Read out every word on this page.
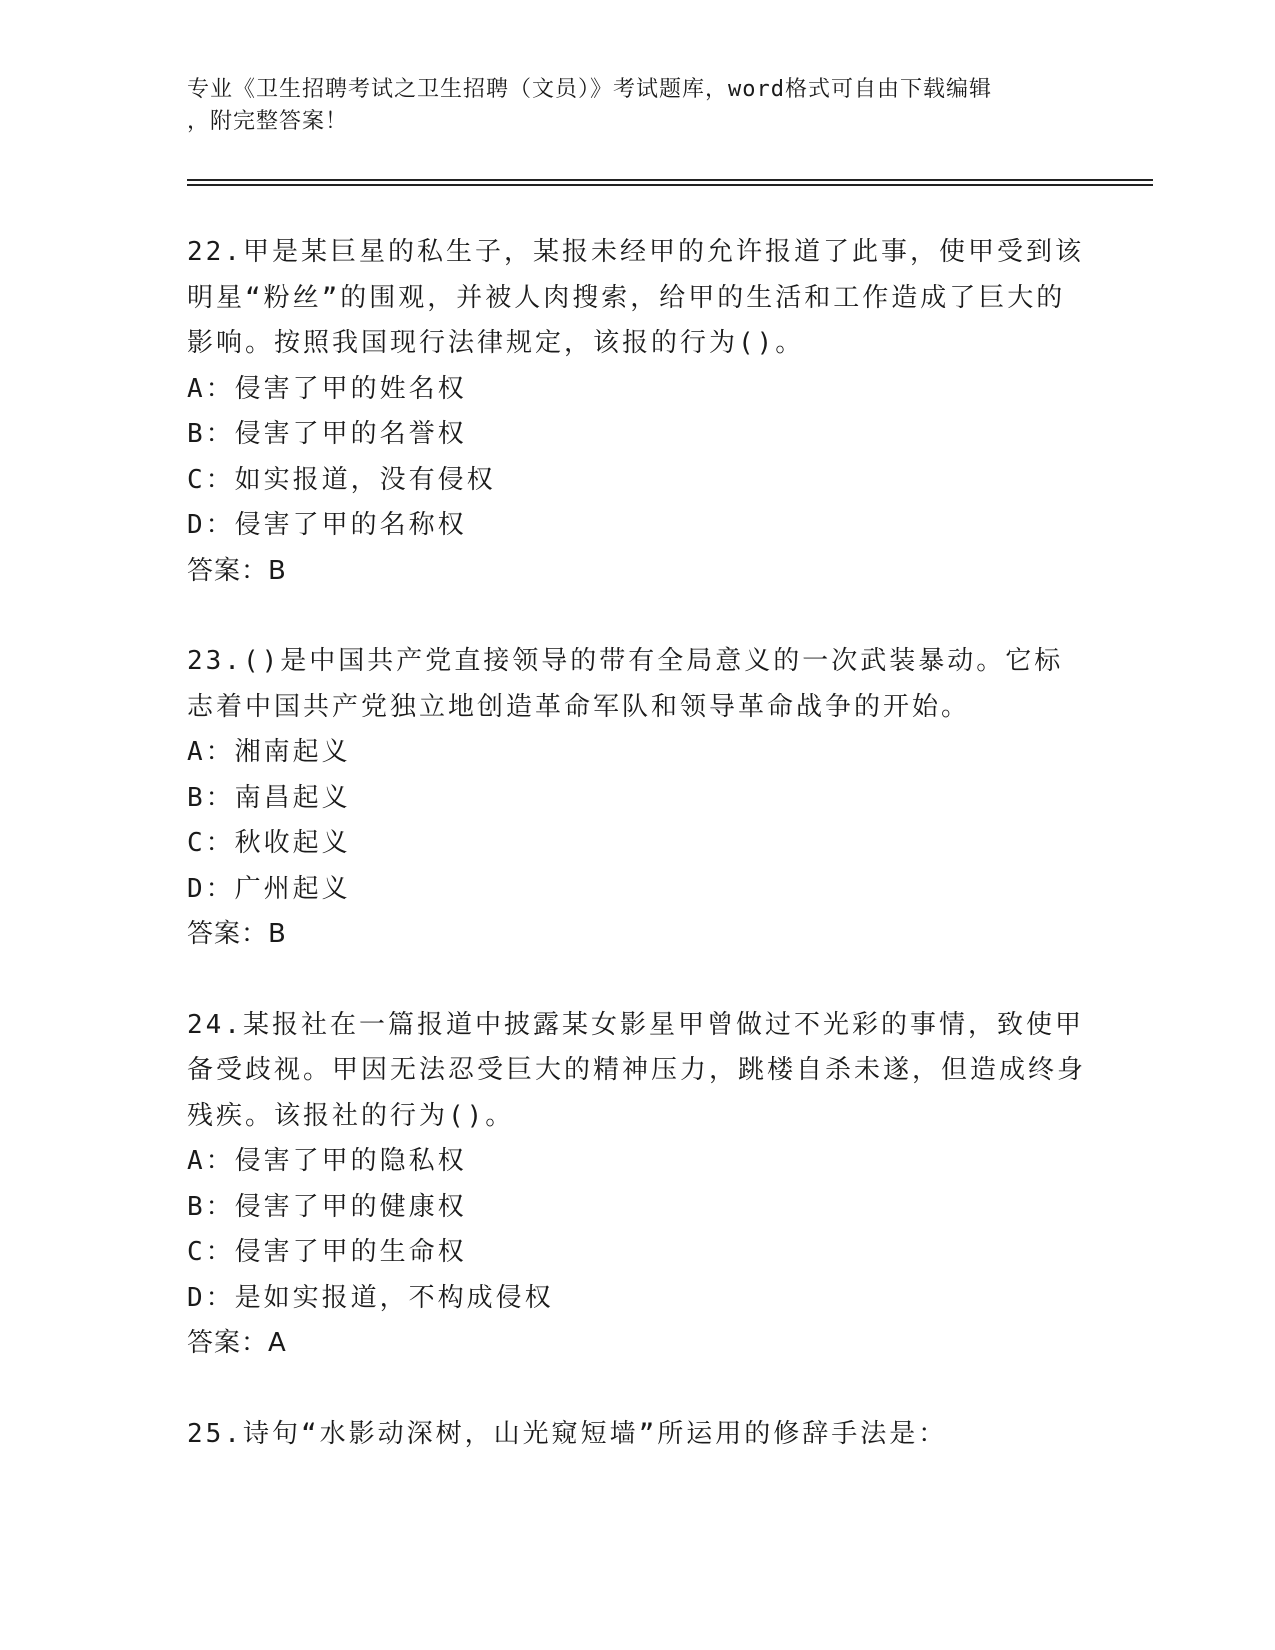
专业《卫生招聘考试之卫生招聘（文员）》考试题库，word格式可自由下载编辑
，附完整答案！

22.甲是某巨星的私生子，某报未经甲的允许报道了此事，使甲受到该明星“粉丝”的围观，并被人肉搜索，给甲的生活和工作造成了巨大的影响。按照我国现行法律规定，该报的行为()。

A：侵害了甲的姓名权

B：侵害了甲的名誉权

C：如实报道，没有侵权

D：侵害了甲的名称权

答案：B

23.()是中国共产党直接领导的带有全局意义的一次武装暴动。它标志着中国共产党独立地创造革命军队和领导革命战争的开始。

A：湘南起义

B：南昌起义

C：秋收起义

D：广州起义

答案：B

24.某报社在一篇报道中披露某女影星甲曾做过不光彩的事情，致使甲备受歧视。甲因无法忍受巨大的精神压力，跳楼自杀未遂，但造成终身残疾。该报社的行为()。

A：侵害了甲的隐私权

B：侵害了甲的健康权

C：侵害了甲的生命权

D：是如实报道，不构成侵权

答案：A

25.诗句“水影动深树，山光窥短墙”所运用的修辞手法是：
